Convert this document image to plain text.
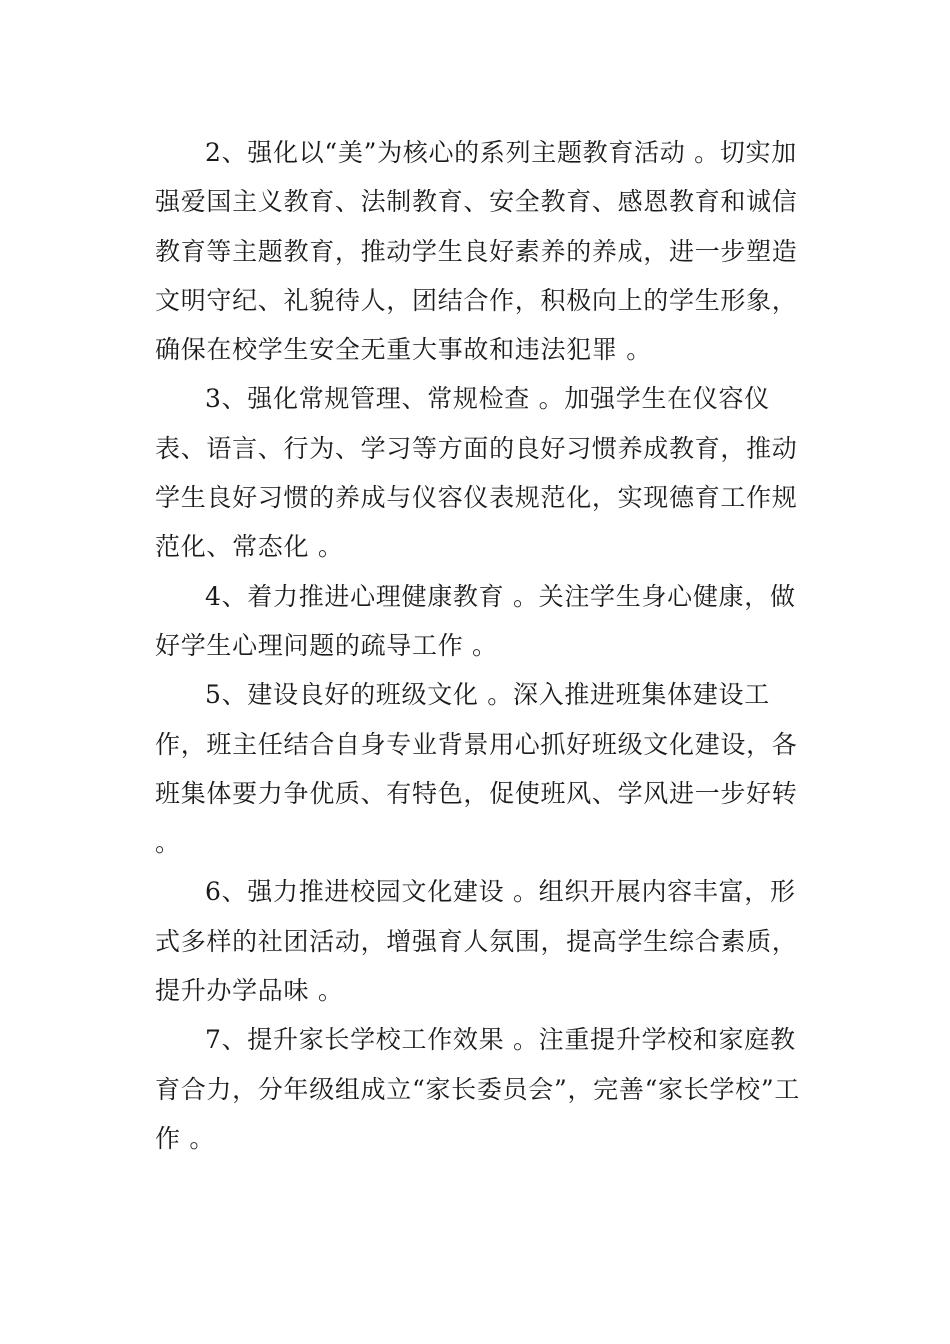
2、强化以“美”为核心的系列主题教育活动 。切实加强爱国主义教育、法制教育、安全教育、感恩教育和诚信教育等主题教育，推动学生良好素养的养成，进一步塑造文明守纪、礼貌待人，团结合作，积极向上的学生形象，确保在校学生安全无重大事故和违法犯罪 。

3、强化常规管理、常规检查 。加强学生在仪容仪表、语言、行为、学习等方面的良好习惯养成教育，推动学生良好习惯的养成与仪容仪表规范化，实现德育工作规范化、常态化 。

4、着力推进心理健康教育 。关注学生身心健康，做好学生心理问题的疏导工作 。

5、建设良好的班级文化 。深入推进班集体建设工作，班主任结合自身专业背景用心抓好班级文化建设，各班集体要力争优质、有特色，促使班风、学风进一步好转 。

6、强力推进校园文化建设 。组织开展内容丰富，形式多样的社团活动，增强育人氛围，提高学生综合素质，提升办学品味 。

7、提升家长学校工作效果 。注重提升学校和家庭教育合力，分年级组成立“家长委员会”，完善“家长学校”工作 。
